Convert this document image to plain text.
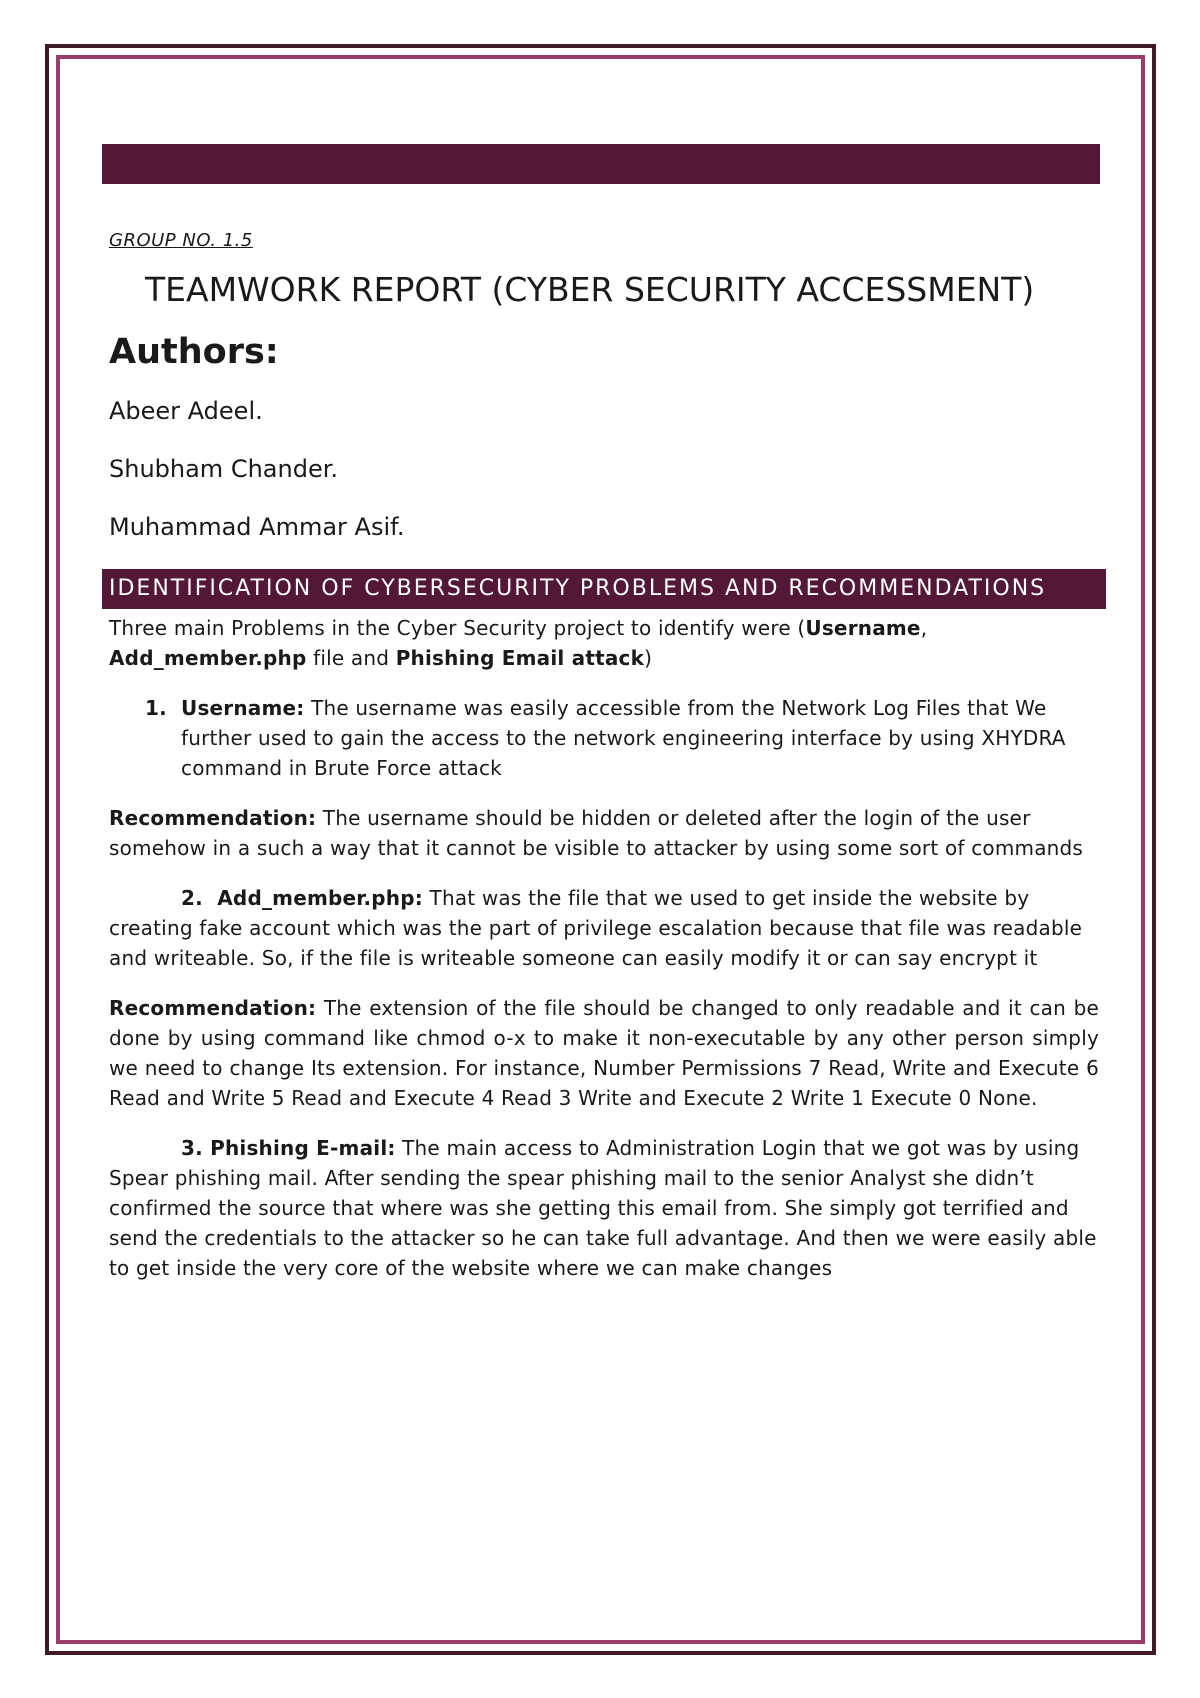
GROUP NO. 1.5

TEAMWORK REPORT (CYBER SECURITY ACCESSMENT)
Authors:

Abeer Adeel.

Shubham Chander.

Muhammad Ammar Asif.

IDENTIFICATION OF CYBERSECURITY PROBLEMS AND RECOMMENDATIONS

Three main Problems in the Cyber Security project to identify were (Username, Add_member.php file and Phishing Email attack)

1. Username: The username was easily accessible from the Network Log Files that We further used to gain the access to the network engineering interface by using XHYDRA command in Brute Force attack

Recommendation: The username should be hidden or deleted after the login of the user somehow in a such a way that it cannot be visible to attacker by using some sort of commands

2. Add_member.php: That was the file that we used to get inside the website by creating fake account which was the part of privilege escalation because that file was readable and writeable. So, if the file is writeable someone can easily modify it or can say encrypt it

Recommendation: The extension of the file should be changed to only readable and it can be done by using command like chmod o-x to make it non-executable by any other person simply we need to change Its extension. For instance, Number Permissions 7 Read, Write and Execute 6 Read and Write 5 Read and Execute 4 Read 3 Write and Execute 2 Write 1 Execute 0 None.

3. Phishing E-mail: The main access to Administration Login that we got was by using Spear phishing mail. After sending the spear phishing mail to the senior Analyst she didn’t confirmed the source that where was she getting this email from. She simply got terrified and send the credentials to the attacker so he can take full advantage. And then we were easily able to get inside the very core of the website where we can make changes
